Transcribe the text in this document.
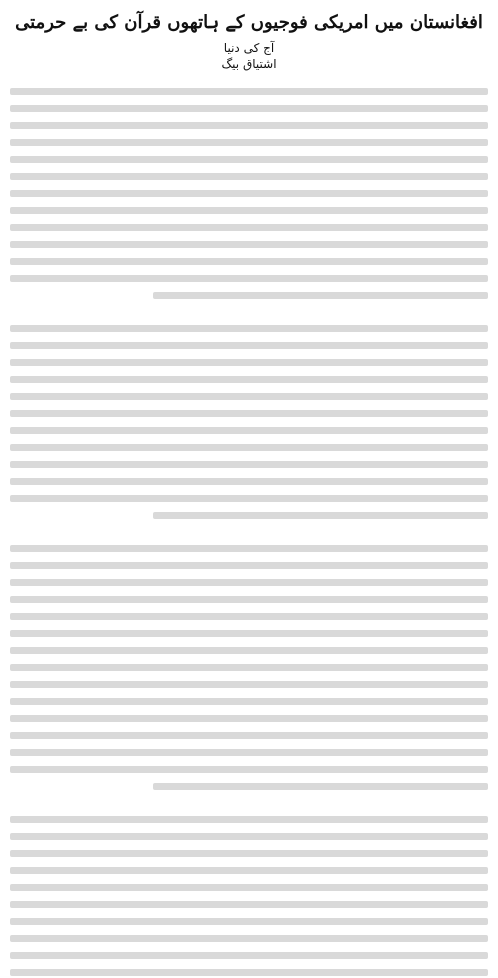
افغانستان میں امریکی فوجیوں کے ہاتھوں قرآن کی بے حرمتی
آج کی دنیا
اشتیاق بیگ
